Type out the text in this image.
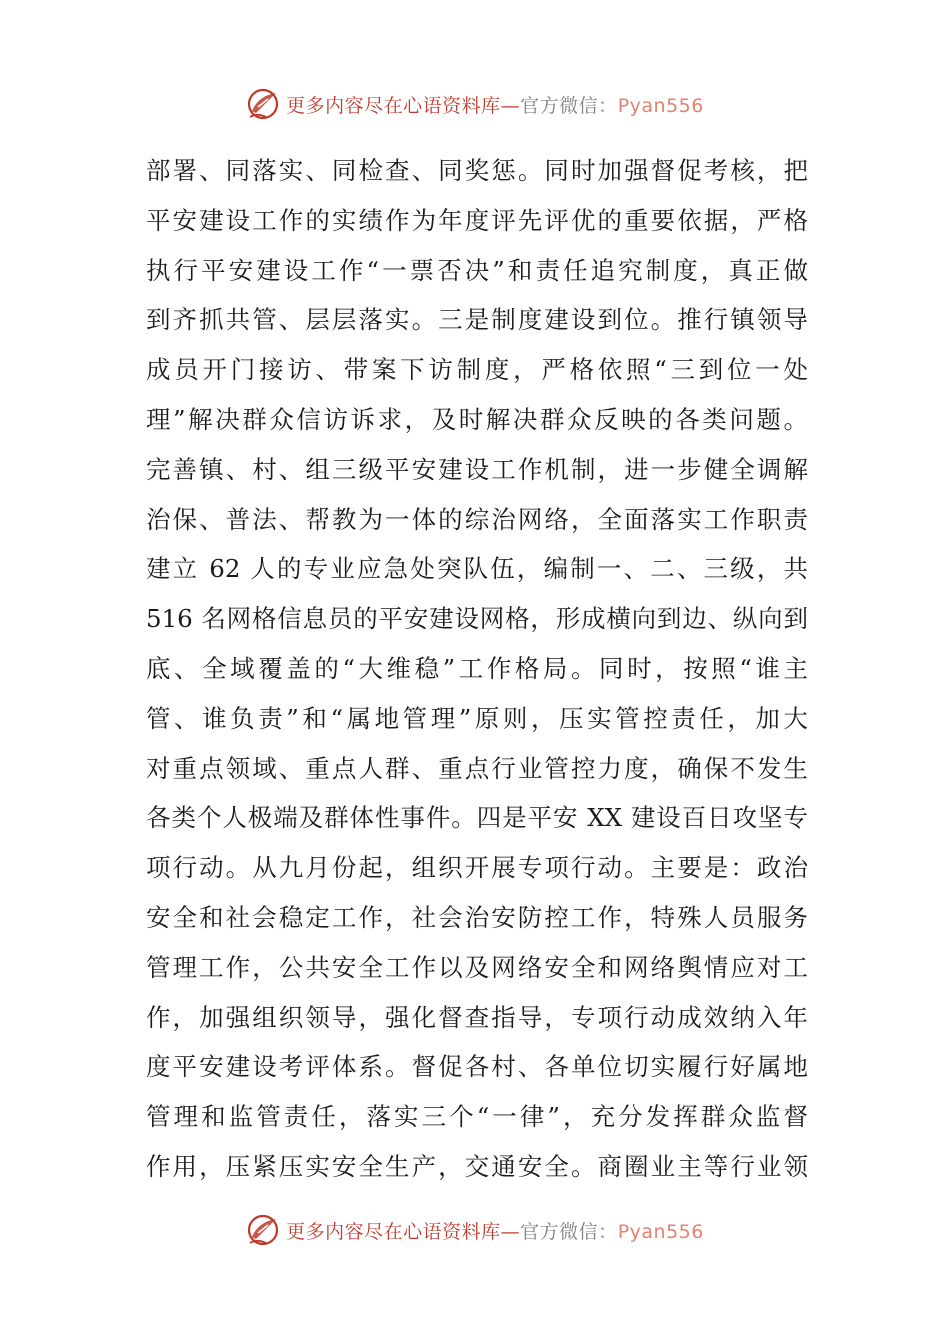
更多内容尽在心语资料库—官方微信：Pyan556
部署、同落实、同检查、同奖惩。同时加强督促考核，把
平安建设工作的实绩作为年度评先评优的重要依据，严格
执行平安建设工作“一票否决”和责任追究制度，真正做
到齐抓共管、层层落实。三是制度建设到位。推行镇领导
成员开门接访、带案下访制度，严格依照“三到位一处
理”解决群众信访诉求，及时解决群众反映的各类问题。
完善镇、村、组三级平安建设工作机制，进一步健全调解
治保、普法、帮教为一体的综治网络，全面落实工作职责
建立 62 人的专业应急处突队伍，编制一、二、三级，共
516 名网格信息员的平安建设网格，形成横向到边、纵向到
底、全域覆盖的“大维稳”工作格局。同时，按照“谁主
管、谁负责”和“属地管理”原则，压实管控责任，加大
对重点领域、重点人群、重点行业管控力度，确保不发生
各类个人极端及群体性事件。四是平安 XX 建设百日攻坚专
项行动。从九月份起，组织开展专项行动。主要是：政治
安全和社会稳定工作，社会治安防控工作，特殊人员服务
管理工作，公共安全工作以及网络安全和网络舆情应对工
作，加强组织领导，强化督查指导，专项行动成效纳入年
度平安建设考评体系。督促各村、各单位切实履行好属地
管理和监管责任，落实三个“一律”，充分发挥群众监督
作用，压紧压实安全生产，交通安全。商圈业主等行业领
更多内容尽在心语资料库—官方微信：Pyan556
